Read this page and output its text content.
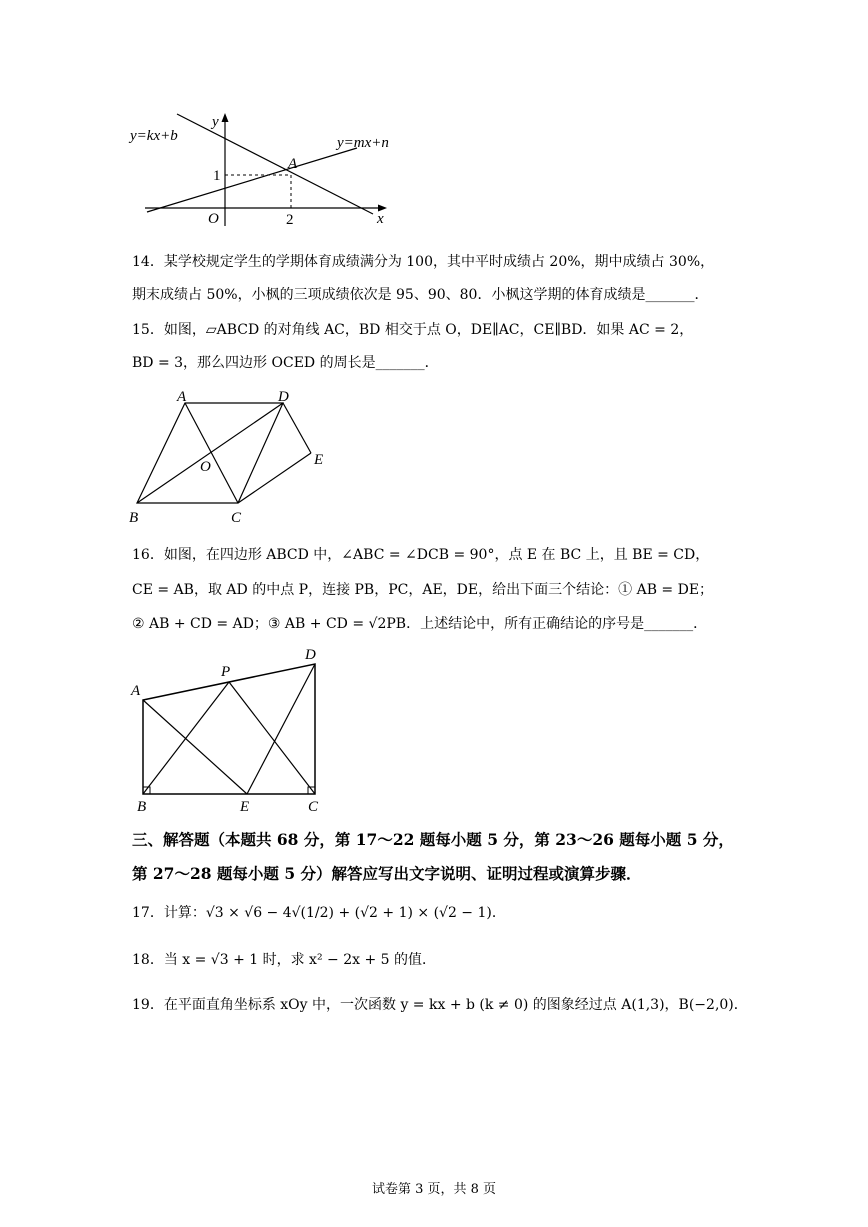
y=kx+b	y=mx+n
y
x
O
A
1
2
14．某学校规定学生的学期体育成绩满分为 100，其中平时成绩占 20%，期中成绩占 30%，
期末成绩占 50%，小枫的三项成绩依次是 95、90、80．小枫这学期的体育成绩是_______．
15．如图，▱ABCD 的对角线 AC，BD 相交于点 O，DE∥AC，CE∥BD．如果 AC = 2，
BD = 3，那么四边形 OCED 的周长是_______．
A	D
E
O
B	C
16．如图，在四边形 ABCD 中，∠ABC = ∠DCB = 90°，点 E 在 BC 上，且 BE = CD，
CE = AB，取 AD 的中点 P，连接 PB，PC，AE，DE，给出下面三个结论：① AB = DE；
② AB + CD = AD；③ AB + CD = √2PB．上述结论中，所有正确结论的序号是_______．
A
P
D
B	E	C
三、解答题（本题共 68 分，第 17～22 题每小题 5 分，第 23～26 题每小题 5 分，
第 27～28 题每小题 5 分）解答应写出文字说明、证明过程或演算步骤．
17．计算：√3 × √6 − 4√(1/2) + (√2 + 1) × (√2 − 1)．
18．当 x = √3 + 1 时，求 x² − 2x + 5 的值．
19．在平面直角坐标系 xOy 中，一次函数 y = kx + b (k ≠ 0) 的图象经过点 A(1,3)，B(−2,0)．
试卷第 3 页，共 8 页
